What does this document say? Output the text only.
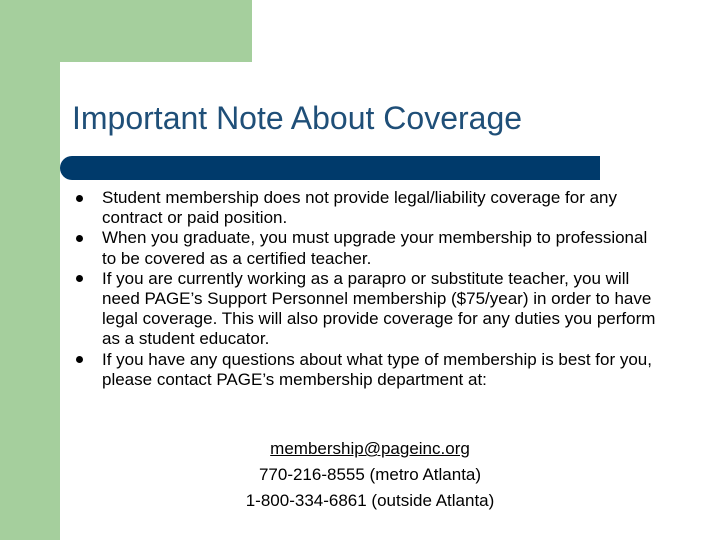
Important Note About Coverage
Student membership does not provide legal/liability coverage for any contract or paid position.
When you graduate, you must upgrade your membership to professional to be covered as a certified teacher.
If you are currently working as a parapro or substitute teacher, you will need PAGE’s Support Personnel membership ($75/year) in order to have legal coverage. This will also provide coverage for any duties you perform as a student educator.
If you have any questions about what type of membership is best for you, please contact PAGE’s membership department at:
membership@pageinc.org
770-216-8555 (metro Atlanta)
1-800-334-6861 (outside Atlanta)
